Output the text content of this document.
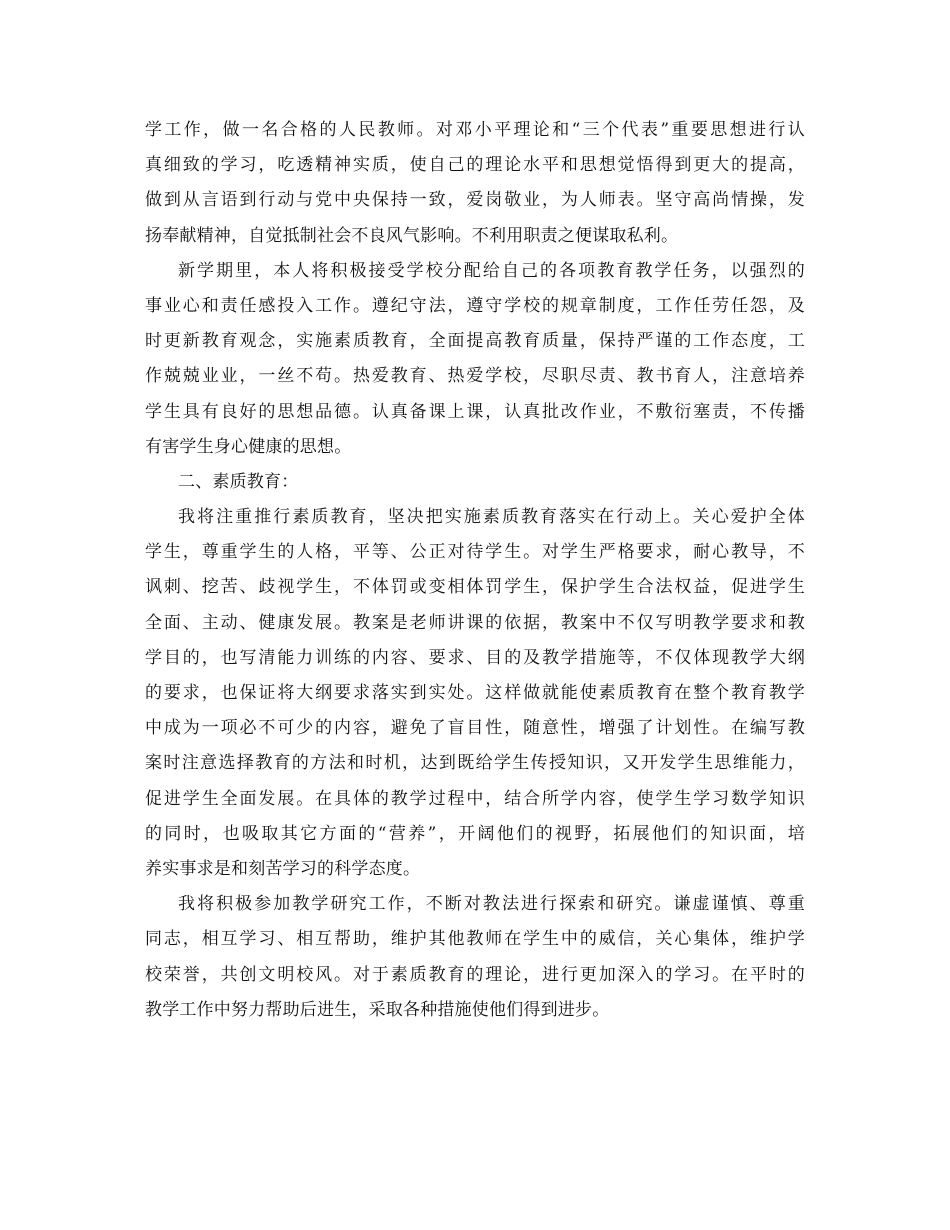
学工作，做一名合格的人民教师。对邓小平理论和“三个代表”重要思想进行认
真细致的学习，吃透精神实质，使自己的理论水平和思想觉悟得到更大的提高，
做到从言语到行动与党中央保持一致，爱岗敬业，为人师表。坚守高尚情操，发
扬奉献精神，自觉抵制社会不良风气影响。不利用职责之便谋取私利。
新学期里，本人将积极接受学校分配给自己的各项教育教学任务，以强烈的
事业心和责任感投入工作。遵纪守法，遵守学校的规章制度，工作任劳任怨，及
时更新教育观念，实施素质教育，全面提高教育质量，保持严谨的工作态度，工
作兢兢业业，一丝不苟。热爱教育、热爱学校，尽职尽责、教书育人，注意培养
学生具有良好的思想品德。认真备课上课，认真批改作业，不敷衍塞责，不传播
有害学生身心健康的思想。
二、素质教育：
我将注重推行素质教育，坚决把实施素质教育落实在行动上。关心爱护全体
学生，尊重学生的人格，平等、公正对待学生。对学生严格要求，耐心教导，不
讽刺、挖苦、歧视学生，不体罚或变相体罚学生，保护学生合法权益，促进学生
全面、主动、健康发展。教案是老师讲课的依据，教案中不仅写明教学要求和教
学目的，也写清能力训练的内容、要求、目的及教学措施等，不仅体现教学大纲
的要求，也保证将大纲要求落实到实处。这样做就能使素质教育在整个教育教学
中成为一项必不可少的内容，避免了盲目性，随意性，增强了计划性。在编写教
案时注意选择教育的方法和时机，达到既给学生传授知识，又开发学生思维能力，
促进学生全面发展。在具体的教学过程中，结合所学内容，使学生学习数学知识
的同时，也吸取其它方面的“营养”，开阔他们的视野，拓展他们的知识面，培
养实事求是和刻苦学习的科学态度。
我将积极参加教学研究工作，不断对教法进行探索和研究。谦虚谨慎、尊重
同志，相互学习、相互帮助，维护其他教师在学生中的威信，关心集体，维护学
校荣誉，共创文明校风。对于素质教育的理论，进行更加深入的学习。在平时的
教学工作中努力帮助后进生，采取各种措施使他们得到进步。
